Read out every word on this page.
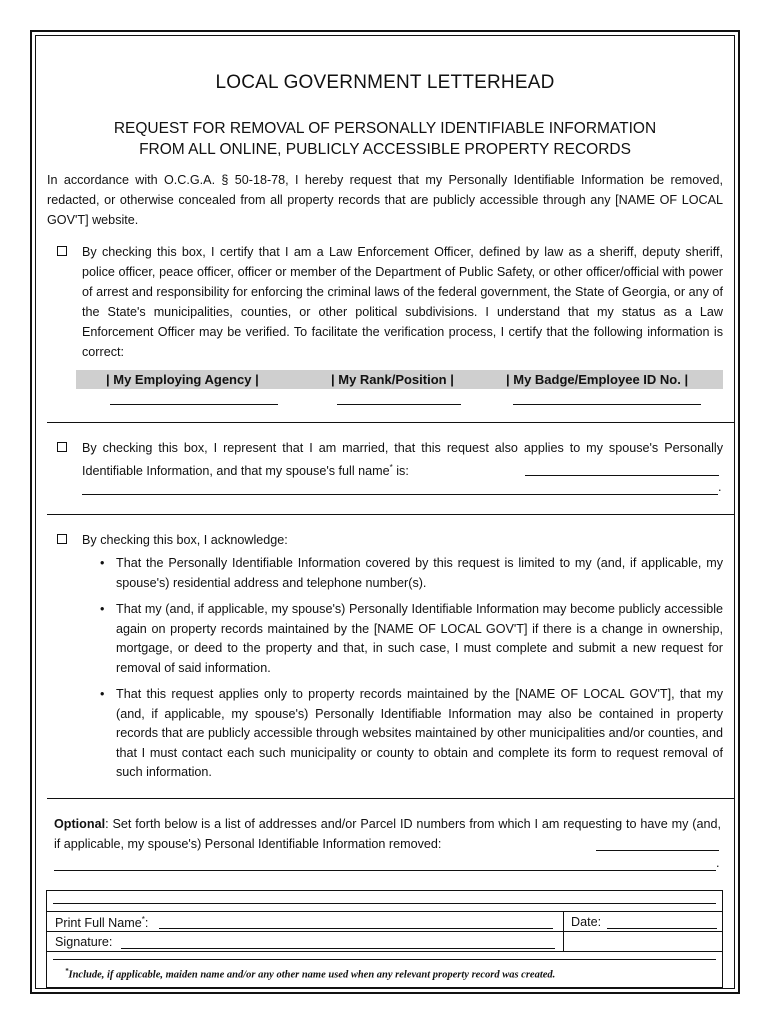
LOCAL GOVERNMENT LETTERHEAD
REQUEST FOR REMOVAL OF PERSONALLY IDENTIFIABLE INFORMATION
FROM ALL ONLINE, PUBLICLY ACCESSIBLE PROPERTY RECORDS
In accordance with O.C.G.A. § 50-18-78, I hereby request that my Personally Identifiable Information be removed, redacted, or otherwise concealed from all property records that are publicly accessible through any [NAME OF LOCAL GOV'T] website.
By checking this box, I certify that I am a Law Enforcement Officer, defined by law as a sheriff, deputy sheriff, police officer, peace officer, officer or member of the Department of Public Safety, or other officer/official with power of arrest and responsibility for enforcing the criminal laws of the federal government, the State of Georgia, or any of the State's municipalities, counties, or other political subdivisions. I understand that my status as a Law Enforcement Officer may be verified. To facilitate the verification process, I certify that the following information is correct:
| My Employing Agency |	| My Rank/Position |	| My Badge/Employee ID No. |
By checking this box, I represent that I am married, that this request also applies to my spouse's Personally Identifiable Information, and that my spouse's full name* is:
.
By checking this box, I acknowledge:
• That the Personally Identifiable Information covered by this request is limited to my (and, if applicable, my spouse's) residential address and telephone number(s).
• That my (and, if applicable, my spouse's) Personally Identifiable Information may become publicly accessible again on property records maintained by the [NAME OF LOCAL GOV'T] if there is a change in ownership, mortgage, or deed to the property and that, in such case, I must complete and submit a new request for removal of said information.
• That this request applies only to property records maintained by the [NAME OF LOCAL GOV'T], that my (and, if applicable, my spouse's) Personally Identifiable Information may also be contained in property records that are publicly accessible through websites maintained by other municipalities and/or counties, and that I must contact each such municipality or county to obtain and complete its form to request removal of such information.
Optional: Set forth below is a list of addresses and/or Parcel ID numbers from which I am requesting to have my (and, if applicable, my spouse's) Personal Identifiable Information removed:
.
Print Full Name*:	Date:
Signature:
*Include, if applicable, maiden name and/or any other name used when any relevant property record was created.
